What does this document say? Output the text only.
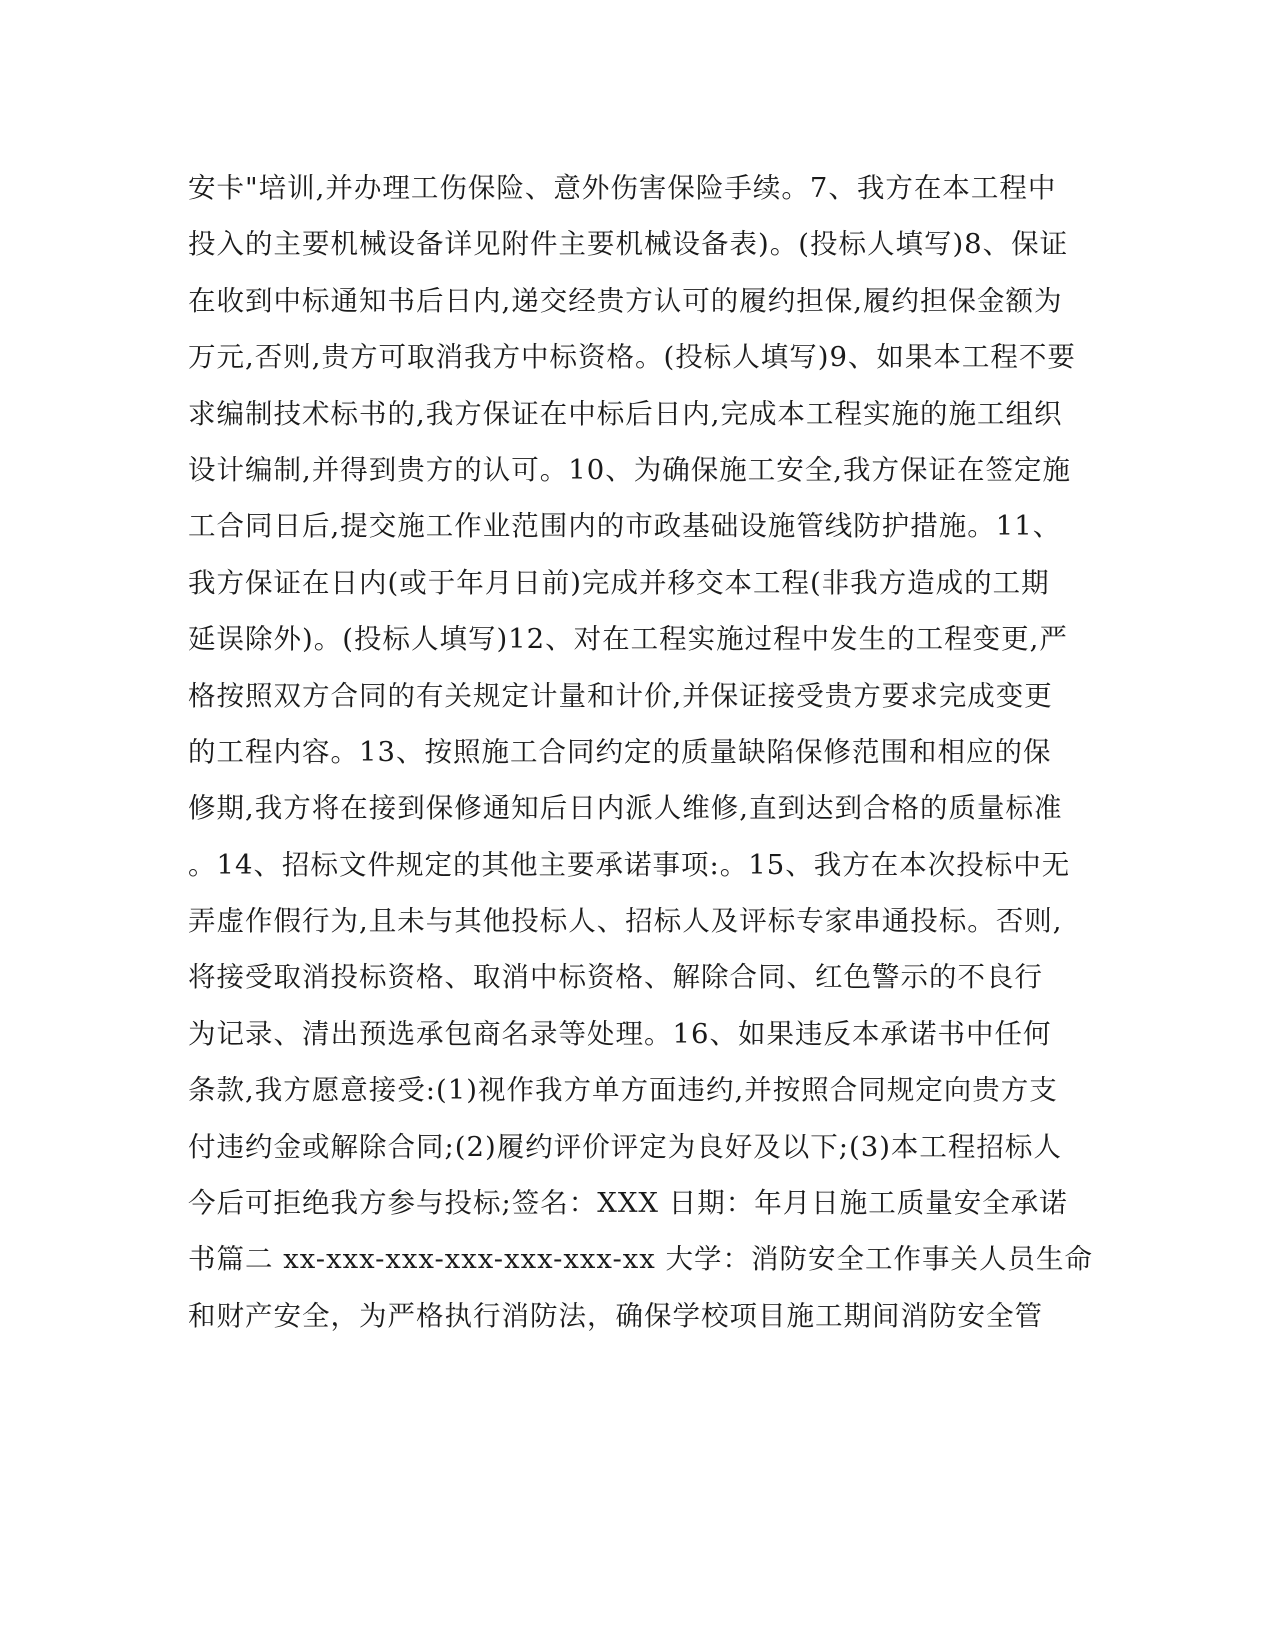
安卡"培训,并办理工伤保险、意外伤害保险手续。7、我方在本工程中
投入的主要机械设备详见附件主要机械设备表)。(投标人填写)8、保证
在收到中标通知书后日内,递交经贵方认可的履约担保,履约担保金额为
万元,否则,贵方可取消我方中标资格。(投标人填写)9、如果本工程不要
求编制技术标书的,我方保证在中标后日内,完成本工程实施的施工组织
设计编制,并得到贵方的认可。10、为确保施工安全,我方保证在签定施
工合同日后,提交施工作业范围内的市政基础设施管线防护措施。11、
我方保证在日内(或于年月日前)完成并移交本工程(非我方造成的工期
延误除外)。(投标人填写)12、对在工程实施过程中发生的工程变更,严
格按照双方合同的有关规定计量和计价,并保证接受贵方要求完成变更
的工程内容。13、按照施工合同约定的质量缺陷保修范围和相应的保
修期,我方将在接到保修通知后日内派人维修,直到达到合格的质量标准
。14、招标文件规定的其他主要承诺事项:。15、我方在本次投标中无
弄虚作假行为,且未与其他投标人、招标人及评标专家串通投标。否则,
将接受取消投标资格、取消中标资格、解除合同、红色警示的不良行
为记录、清出预选承包商名录等处理。16、如果违反本承诺书中任何
条款,我方愿意接受:(1)视作我方单方面违约,并按照合同规定向贵方支
付违约金或解除合同;(2)履约评价评定为良好及以下;(3)本工程招标人
今后可拒绝我方参与投标;签名：XXX 日期：年月日施工质量安全承诺
书篇二 xx-xxx-xxx-xxx-xxx-xxx-xx 大学：消防安全工作事关人员生命
和财产安全，为严格执行消防法，确保学校项目施工期间消防安全管
